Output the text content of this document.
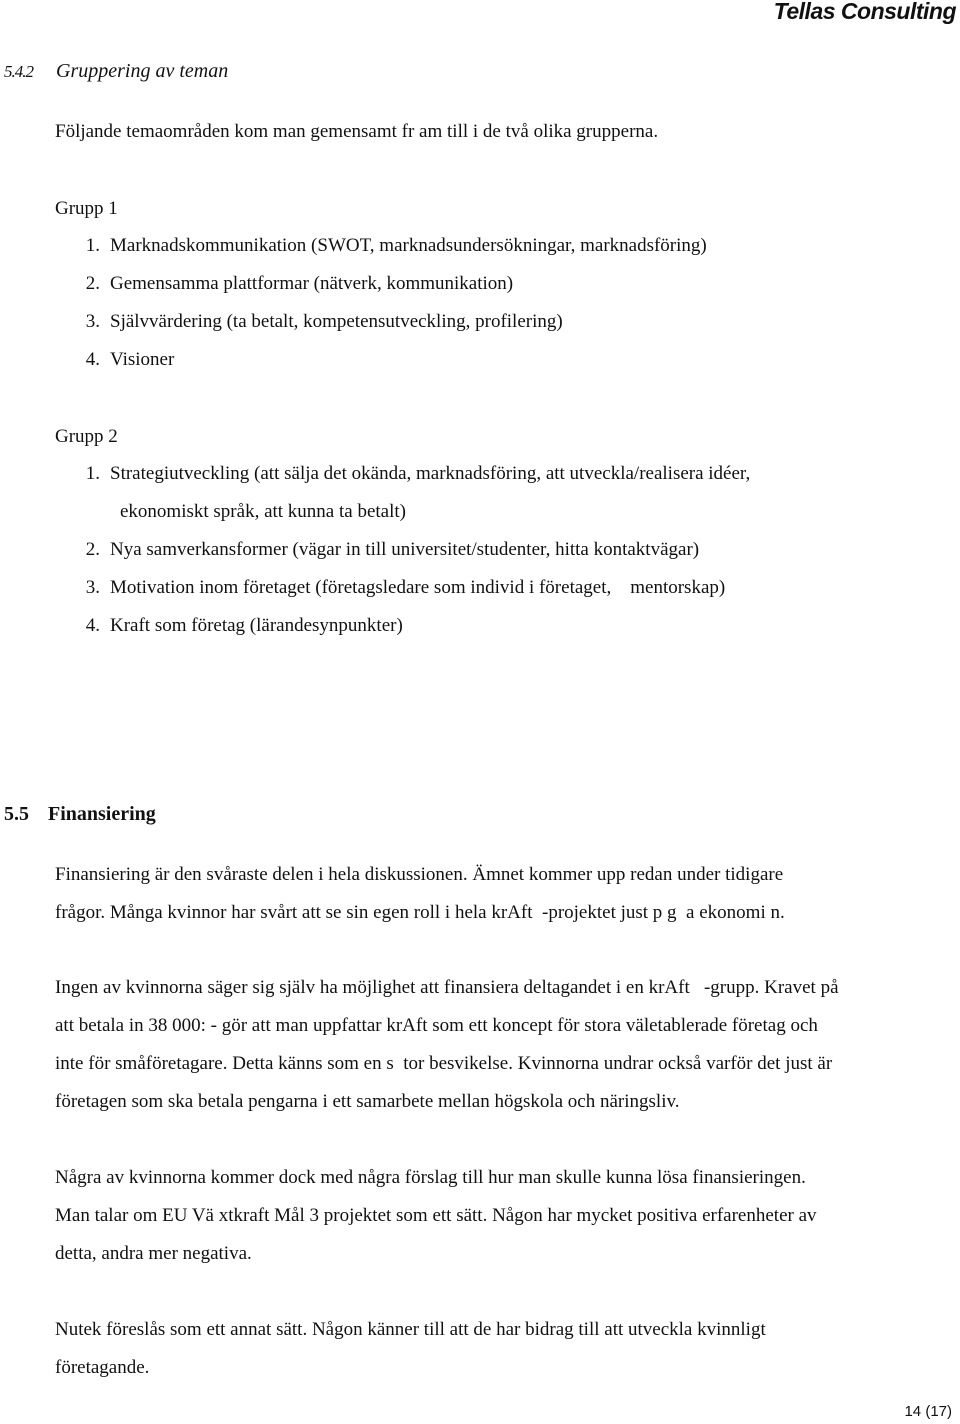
Tellas Consulting
5.4.2 Gruppering av teman
Följande temaområden kom man gemensamt fr am till i de två olika grupperna.
Grupp 1
1. Marknadskommunikation (SWOT, marknadsundersökningar, marknadsföring)
2. Gemensamma plattformar (nätverk, kommunikation)
3. Självvärdering (ta betalt, kompetensutveckling, profilering)
4. Visioner
Grupp 2
1. Strategiutveckling (att sälja det okända, marknadsföring, att utveckla/realisera idéer,
ekonomiskt språk, att kunna ta betalt)
2. Nya samverkansformer (vägar in till universitet/studenter, hitta kontaktvägar)
3. Motivation inom företaget (företagsledare som individ i företaget,    mentorskap)
4. Kraft som företag (lärandesynpunkter)
5.5 Finansiering
Finansiering är den svåraste delen i hela diskussionen. Ämnet kommer upp redan under tidigare
frågor. Många kvinnor har svårt att se sin egen roll i hela krAft  -projektet just p g  a ekonomi n.
Ingen av kvinnorna säger sig själv ha möjlighet att finansiera deltagandet i en krAft   -grupp. Kravet på
att betala in 38 000: - gör att man uppfattar krAft som ett koncept för stora väletablerade företag och
inte för småföretagare. Detta känns som en s  tor besvikelse. Kvinnorna undrar också varför det just är
företagen som ska betala pengarna i ett samarbete mellan högskola och näringsliv.
Några av kvinnorna kommer dock med några förslag till hur man skulle kunna lösa finansieringen.
Man talar om EU Vä xtkraft Mål 3 projektet som ett sätt. Någon har mycket positiva erfarenheter av
detta, andra mer negativa.
Nutek föreslås som ett annat sätt. Någon känner till att de har bidrag till att utveckla kvinnligt
företagande.
14 (17)
